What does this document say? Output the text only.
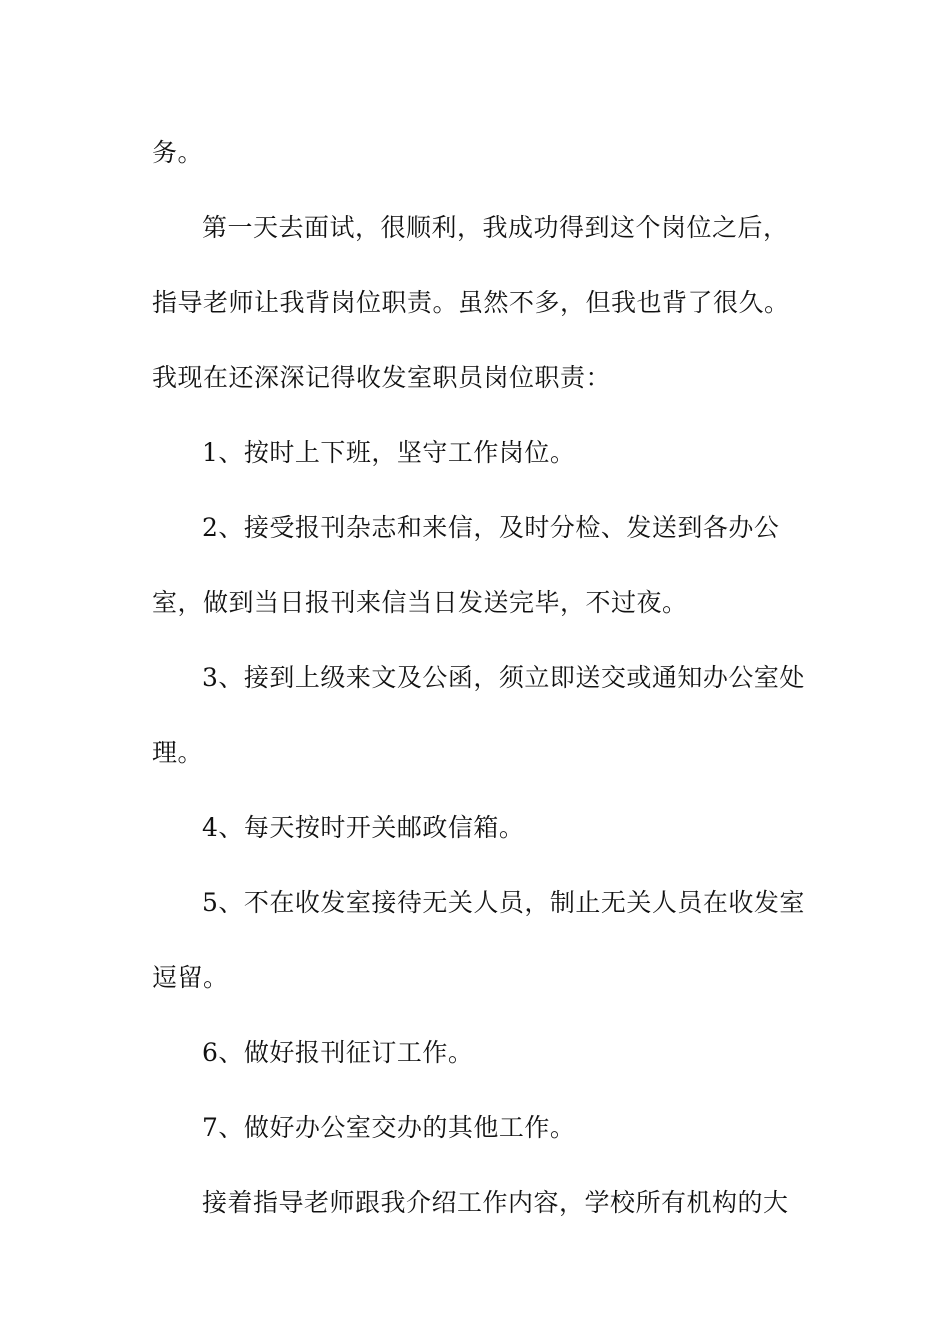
务。
第一天去面试，很顺利，我成功得到这个岗位之后，
指导老师让我背岗位职责。虽然不多，但我也背了很久。
我现在还深深记得收发室职员岗位职责：
1、按时上下班，坚守工作岗位。
2、接受报刊杂志和来信，及时分检、发送到各办公
室，做到当日报刊来信当日发送完毕，不过夜。
3、接到上级来文及公函，须立即送交或通知办公室处
理。
4、每天按时开关邮政信箱。
5、不在收发室接待无关人员，制止无关人员在收发室
逗留。
6、做好报刊征订工作。
7、做好办公室交办的其他工作。
接着指导老师跟我介绍工作内容，学校所有机构的大
